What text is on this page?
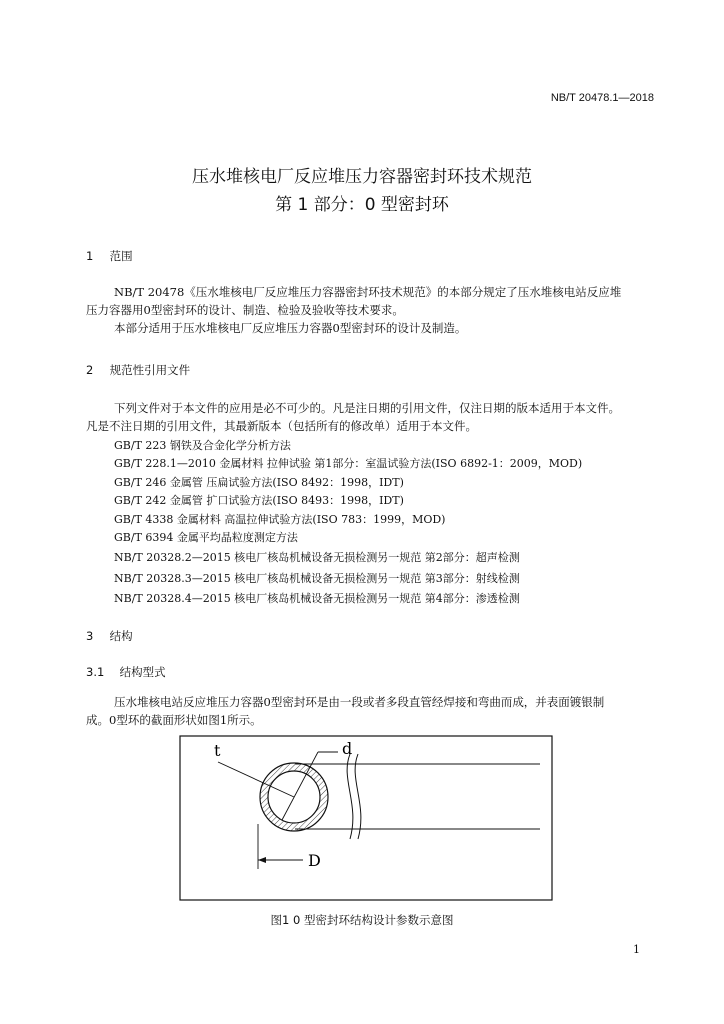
NB/T 20478.1—2018
压水堆核电厂反应堆压力容器密封环技术规范
第 1 部分：0 型密封环
1 范围
NB/T 20478《压水堆核电厂反应堆压力容器密封环技术规范》的本部分规定了压水堆核电站反应堆
压力容器用0型密封环的设计、制造、检验及验收等技术要求。
本部分适用于压水堆核电厂反应堆压力容器0型密封环的设计及制造。
2 规范性引用文件
下列文件对于本文件的应用是必不可少的。凡是注日期的引用文件，仅注日期的版本适用于本文件。
凡是不注日期的引用文件，其最新版本（包括所有的修改单）适用于本文件。
GB/T 223 钢铁及合金化学分析方法
GB/T 228.1—2010 金属材料 拉伸试验 第1部分：室温试验方法(ISO 6892-1：2009，MOD)
GB/T 246 金属管 压扁试验方法(ISO 8492：1998，IDT)
GB/T 242 金属管 扩口试验方法(ISO 8493：1998，IDT)
GB/T 4338 金属材料 高温拉伸试验方法(ISO 783：1999，MOD)
GB/T 6394 金属平均晶粒度测定方法
NB/T 20328.2—2015 核电厂核岛机械设备无损检测另一规范 第2部分：超声检测
NB/T 20328.3—2015 核电厂核岛机械设备无损检测另一规范 第3部分：射线检测
NB/T 20328.4—2015 核电厂核岛机械设备无损检测另一规范 第4部分：渗透检测
3 结构
3.1 结构型式
压水堆核电站反应堆压力容器0型密封环是由一段或者多段直管经焊接和弯曲而成，并表面镀银制
成。0型环的截面形状如图1所示。
t	d
D
图1 0 型密封环结构设计参数示意图
1
